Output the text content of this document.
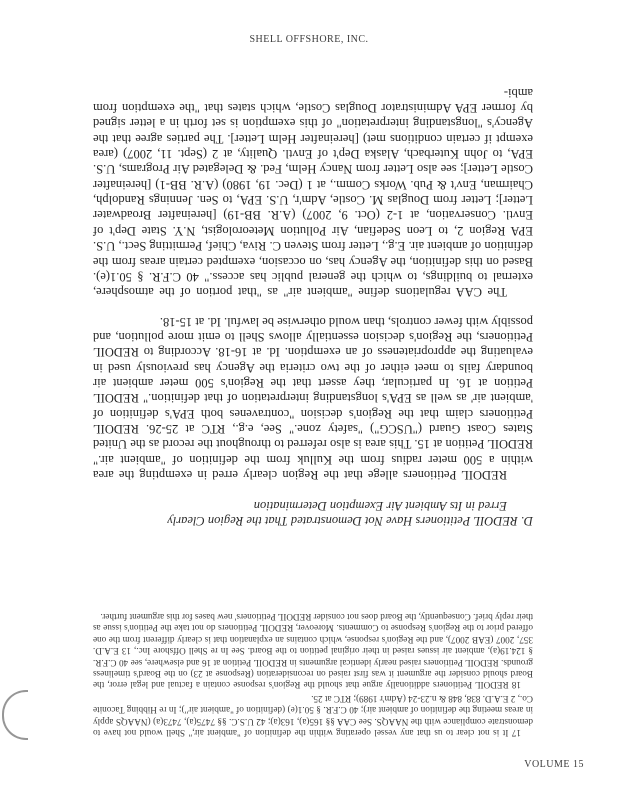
SHELL OFFSHORE, INC.

17 It is not clear to us that any vessel operating within the definition of "ambient air," Shell would not have to demonstrate compliance with the NAAQS. See CAA §§ 165(a), 163(a); 42 U.S.C. §§ 7475(a), 7473(a) (NAAQS apply in areas meeting the definition of ambient air); 40 C.F.R. § 50.1(e) (definition of "ambient air"); In re Hibbing Taconite Co., 2 E.A.D. 838, 848 & n.23-24 (Adm'r 1989); RTC at 25.

18 REDOIL Petitioners additionally argue that should the Region's response contain a factual and legal error, the Board should consider the argument it was first raised on reconsideration (Response at 23) on the Board's timeliness grounds. REDOIL Petitioners raised nearly identical arguments in REDOIL Petition at 16 and elsewhere, see 40 C.F.R. § 124.19(a), ambient air issues raised in their original petition to the Board. See In re Shell Offshore Inc., 13 E.A.D. 357, 2007 (EAB 2007), and the Region's response, which contains an explanation that is clearly different from the one offered prior to the Region's Response to Comments. Moreover, REDOIL Petitioners do not take the Petition's issue as their reply brief. Consequently, the Board does not consider REDOIL Petitioners' new bases for this argument further.

D. REDOIL Petitioners Have Not Demonstrated That the Region Clearly
Erred in Its Ambient Air Exemption Determination

REDOIL Petitioners allege that the Region clearly erred in exempting the area within a 500 meter radius from the Kulluk from the definition of "ambient air." REDOIL Petition at 15. This area is also referred to throughout the record as the United States Coast Guard ("USCG") "safety zone." See, e.g., RTC at 25-26. REDOIL Petitioners claim that the Region's decision "contravenes both EPA's definition of 'ambient air' as well as EPA's longstanding interpretation of that definition." REDOIL Petition at 16. In particular, they assert that the Region's 500 meter ambient air boundary fails to meet either of the two criteria the Agency has previously used in evaluating the appropriateness of an exemption. Id. at 16-18. According to REDOIL Petitioners, the Region's decision essentially allows Shell to emit more pollution, and possibly with fewer controls, than would otherwise be lawful. Id. at 15-18.

The CAA regulations define "ambient air" as "that portion of the atmosphere, external to buildings, to which the general public has access." 40 C.F.R. § 50.1(e). Based on this definition, the Agency has, on occasion, exempted certain areas from the definition of ambient air. E.g., Letter from Steven C. Riva, Chief, Permitting Sect., U.S. EPA Region 2, to Leon Sedefian, Air Pollution Meteorologist, N.Y. State Dep't of Envtl. Conservation, at 1-2 (Oct. 9, 2007) (A.R. BB-19) [hereinafter Broadwater Letter]; Letter from Douglas M. Costle, Adm'r, U.S. EPA, to Sen. Jennings Randolph, Chairman, Env't & Pub. Works Comm., at 1 (Dec. 19, 1980) (A.R. BB-1) [hereinafter Costle Letter]; see also Letter from Nancy Helm, Fed. & Delegated Air Programs, U.S. EPA, to John Kuterbach, Alaska Dep't of Envtl. Quality, at 2 (Sept. 11, 2007) (area exempt if certain conditions met) [hereinafter Helm Letter]. The parties agree that the Agency's "longstanding interpretation" of this exemption is set forth in a letter signed by former EPA Administrator Douglas Costle, which states that "the exemption from ambi-

VOLUME 15
